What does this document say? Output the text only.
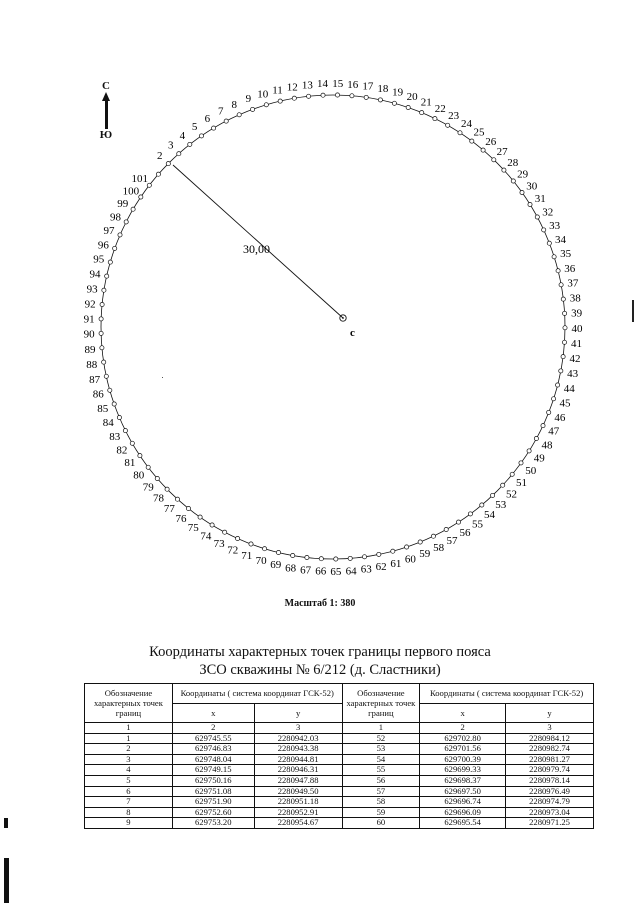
с
30,00
2
3
4
5
6
7
8 9 10 11 12 13 14 15 16 17 18 19 20 21
22
23
24
25
26
27
28
29
30
31
32
33
34
35
36
37
38
39
40
41
42
43
44
45
46
47
48
49
50
51
52
53
54
55
56
57
58
59
60
61
62
63
64
65
66
67
68
69
70
71
72
73
74
75
76
77
78
79
80
81
82
83
84
85
86
87
88
89
90
91
92
93
94
95
96
97
98
99
100
101
С
Ю
Масштаб 1: 380
Координаты характерных точек границы первого пояса
ЗСО скважины № 6/212 (д. Сластники)
Обозначение характерных точек границ	Координаты ( система координат ГСК-52)		Обозначение характерных точек границ	Координаты ( система координат ГСК-52)	
	x	y		x	y
1	2	3	1	2	3
1	629745.55	2280942.03	52	629702.80	2280984.12
2	629746.83	2280943.38	53	629701.56	2280982.74
3	629748.04	2280944.81	54	629700.39	2280981.27
4	629749.15	2280946.31	55	629699.33	2280979.74
5	629750.16	2280947.88	56	629698.37	2280978.14
6	629751.08	2280949.50	57	629697.50	2280976.49
7	629751.90	2280951.18	58	629696.74	2280974.79
8	629752.60	2280952.91	59	629696.09	2280973.04
9	629753.20	2280954.67	60	629695.54	2280971.25
